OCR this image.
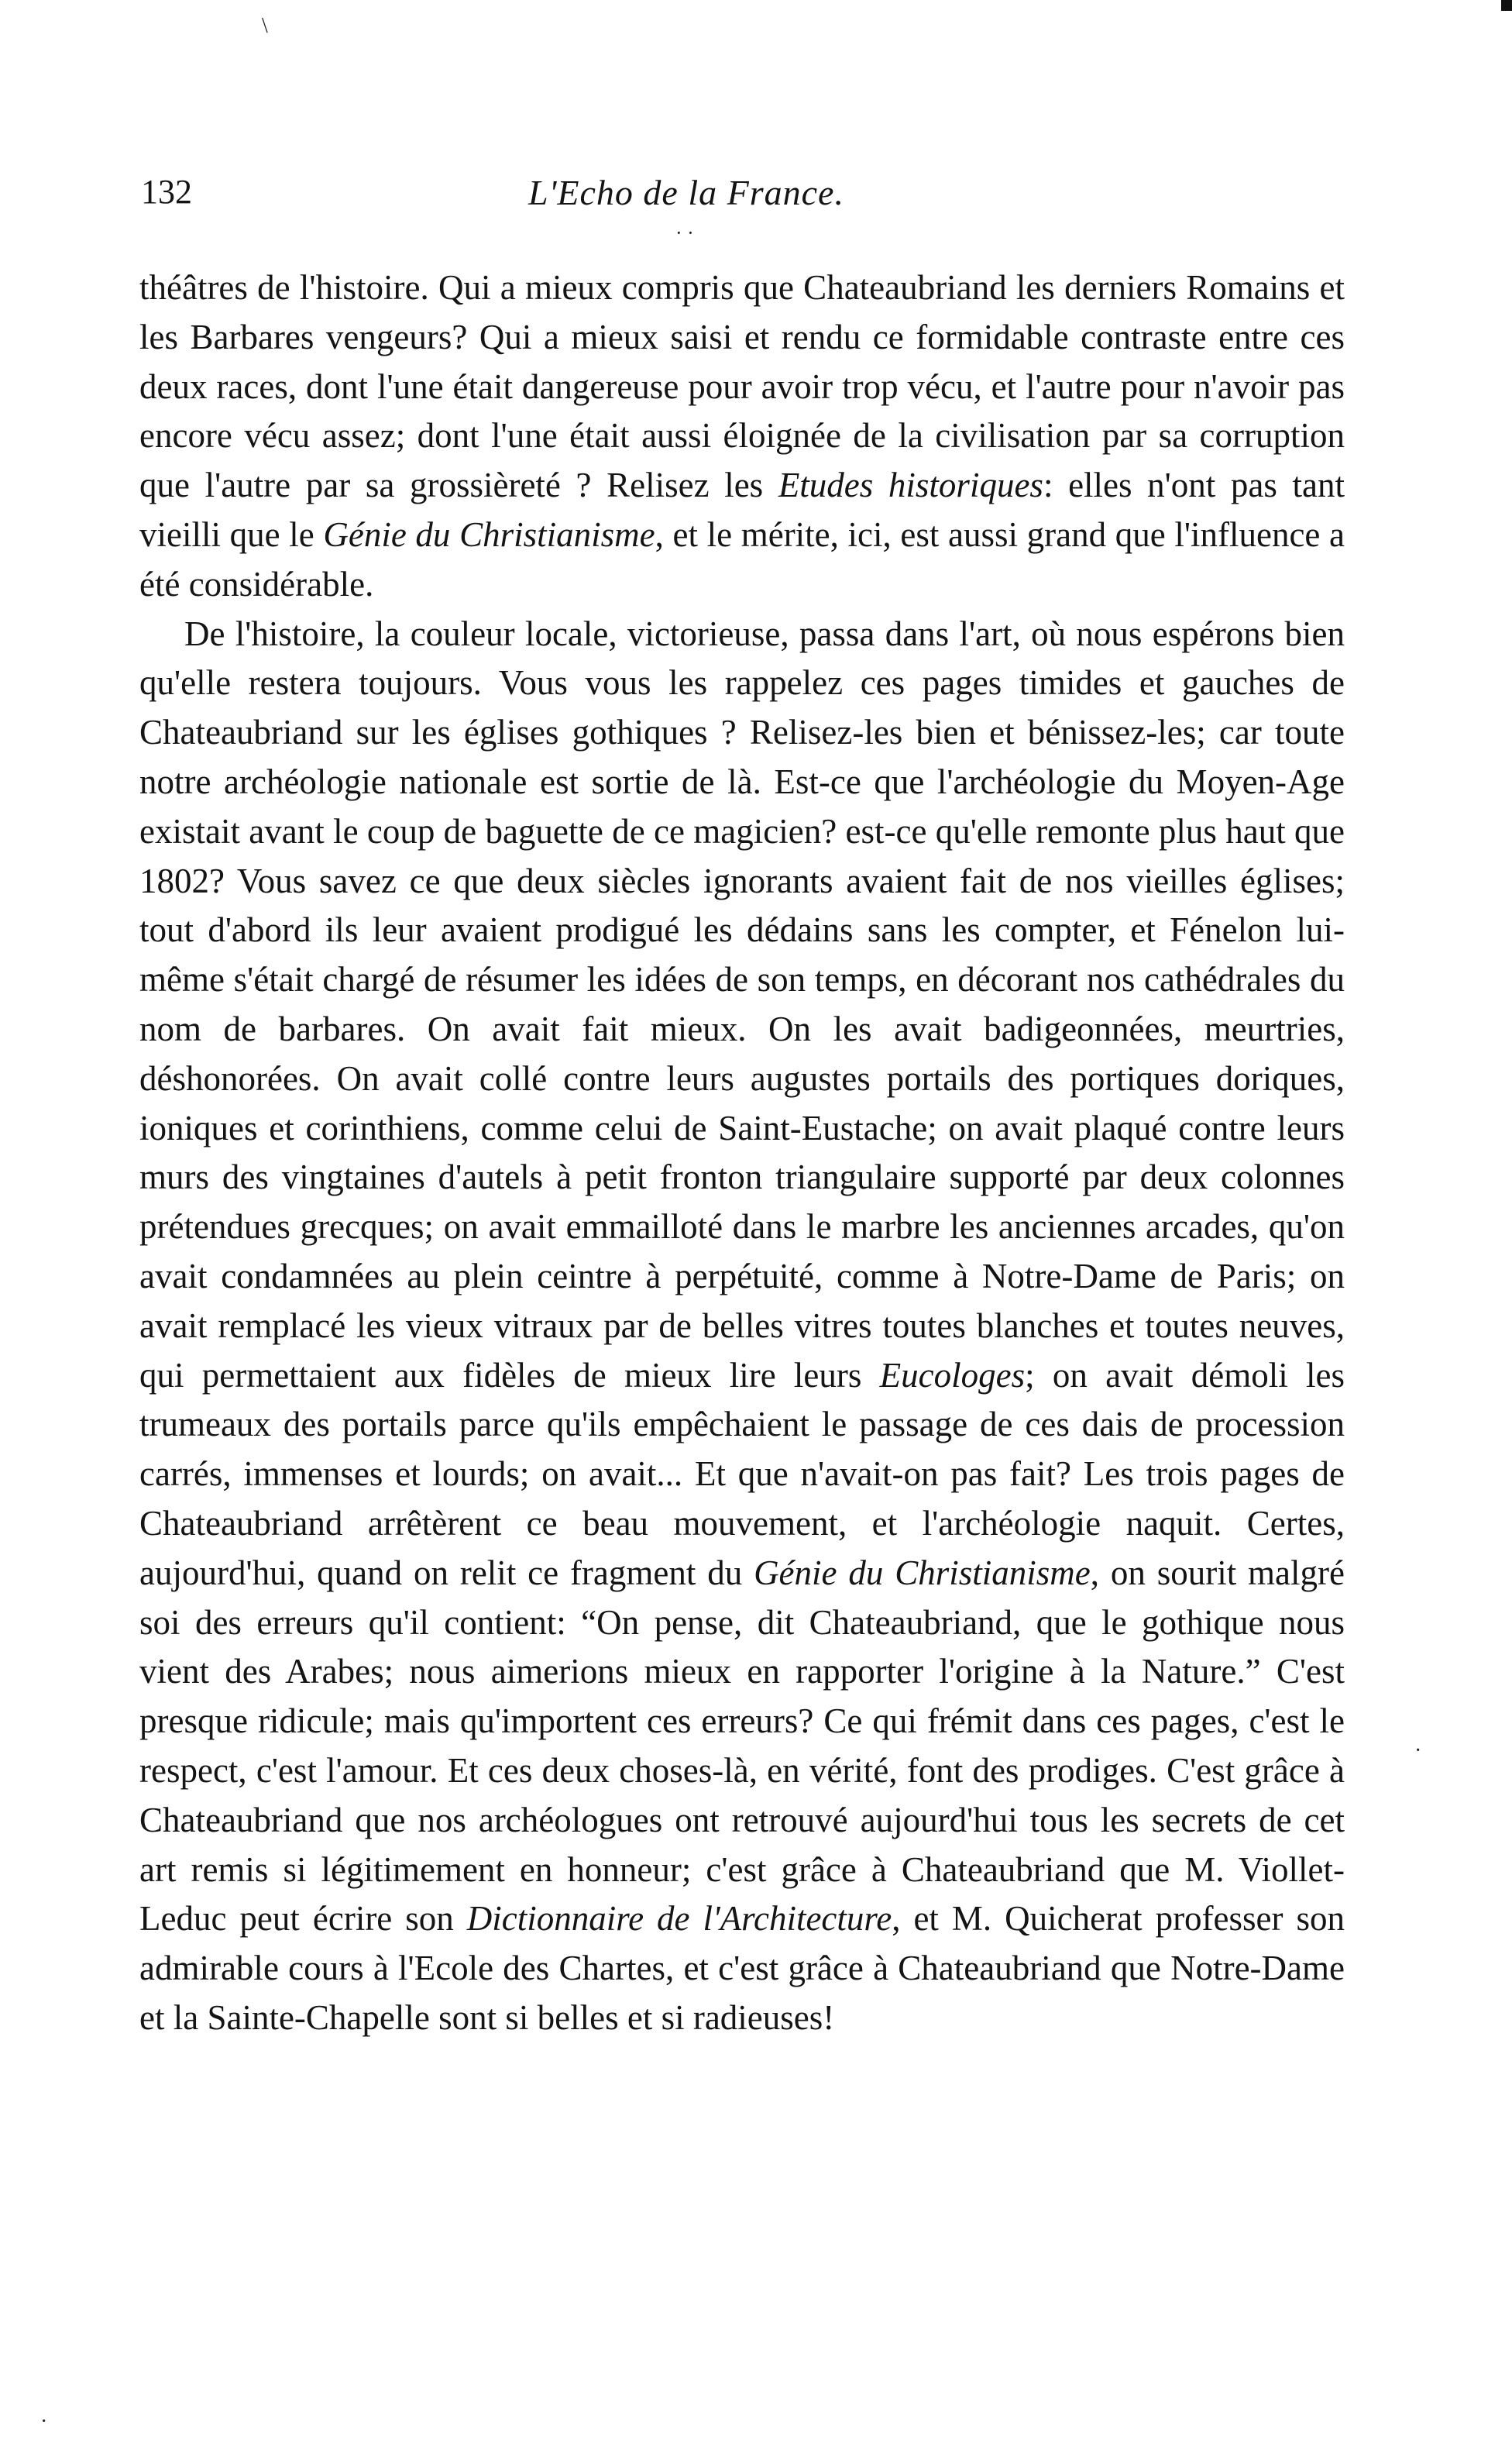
\
132	L'Echo de la France.
· ·

théâtres de l'histoire. Qui a mieux compris que Chateaubriand les derniers Romains et les Barbares vengeurs? Qui a mieux saisi et rendu ce formidable contraste entre ces deux races, dont l'une était dangereuse pour avoir trop vécu, et l'autre pour n'avoir pas encore vécu assez; dont l'une était aussi éloignée de la civilisation par sa corruption que l'autre par sa grossièreté ? Relisez les Etudes historiques: elles n'ont pas tant vieilli que le Génie du Christianisme, et le mérite, ici, est aussi grand que l'influence a été considérable.

De l'histoire, la couleur locale, victorieuse, passa dans l'art, où nous espérons bien qu'elle restera toujours. Vous vous les rappelez ces pages timides et gauches de Chateaubriand sur les églises gothiques ? Relisez-les bien et bénissez-les; car toute notre archéologie nationale est sortie de là. Est-ce que l'archéologie du Moyen-Age existait avant le coup de baguette de ce magicien? est-ce qu'elle remonte plus haut que 1802? Vous savez ce que deux siècles ignorants avaient fait de nos vieilles églises; tout d'abord ils leur avaient prodigué les dédains sans les compter, et Fénelon lui-même s'était chargé de résumer les idées de son temps, en décorant nos cathédrales du nom de barbares. On avait fait mieux. On les avait badigeonnées, meurtries, déshonorées. On avait collé contre leurs augustes portails des portiques doriques, ioniques et corinthiens, comme celui de Saint-Eustache; on avait plaqué contre leurs murs des vingtaines d'autels à petit fronton triangulaire supporté par deux colonnes prétendues grecques; on avait emmailloté dans le marbre les anciennes arcades, qu'on avait condamnées au plein ceintre à perpétuité, comme à Notre-Dame de Paris; on avait remplacé les vieux vitraux par de belles vitres toutes blanches et toutes neuves, qui permettaient aux fidèles de mieux lire leurs Eucologes; on avait démoli les trumeaux des portails parce qu'ils empêchaient le passage de ces dais de procession carrés, immenses et lourds; on avait... Et que n'avait-on pas fait? Les trois pages de Chateaubriand arrêtèrent ce beau mouvement, et l'archéologie naquit. Certes, aujourd'hui, quand on relit ce fragment du Génie du Christianisme, on sourit malgré soi des erreurs qu'il contient: “On pense, dit Chateaubriand, que le gothique nous vient des Arabes; nous aimerions mieux en rapporter l'origine à la Nature.” C'est presque ridicule; mais qu'importent ces erreurs? Ce qui frémit dans ces pages, c'est le respect, c'est l'amour. Et ces deux choses-là, en vérité, font des prodiges. C'est grâce à Chateaubriand que nos archéologues ont retrouvé aujourd'hui tous les secrets de cet art remis si légitimement en honneur; c'est grâce à Chateaubriand que M. Viollet-Leduc peut écrire son Dictionnaire de l'Architecture, et M. Quicherat professer son admirable cours à l'Ecole des Chartes, et c'est grâce à Chateaubriand que Notre-Dame et la Sainte-Chapelle sont si belles et si radieuses!

·
·
